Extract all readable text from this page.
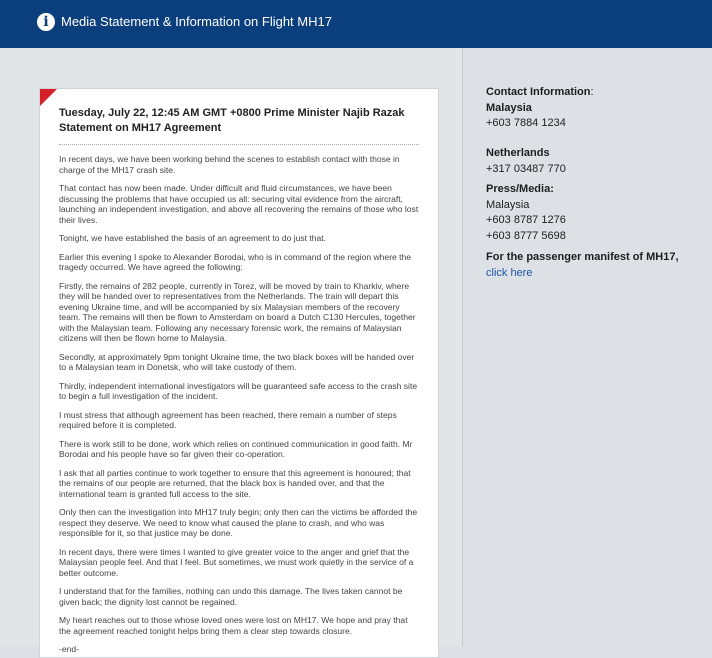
i Media Statement & Information on Flight MH17
Tuesday, July 22, 12:45 AM GMT +0800 Prime Minister Najib Razak Statement on MH17 Agreement

In recent days, we have been working behind the scenes to establish contact with those in charge of the MH17 crash site.

That contact has now been made. Under difficult and fluid circumstances, we have been discussing the problems that have occupied us all: securing vital evidence from the aircraft, launching an independent investigation, and above all recovering the remains of those who lost their lives.

Tonight, we have established the basis of an agreement to do just that.

Earlier this evening I spoke to Alexander Borodai, who is in command of the region where the tragedy occurred. We have agreed the following:

Firstly, the remains of 282 people, currently in Torez, will be moved by train to Kharkiv, where they will be handed over to representatives from the Netherlands. The train will depart this evening Ukraine time, and will be accompanied by six Malaysian members of the recovery team. The remains will then be flown to Amsterdam on board a Dutch C130 Hercules, together with the Malaysian team. Following any necessary forensic work, the remains of Malaysian citizens will then be flown home to Malaysia.

Secondly, at approximately 9pm tonight Ukraine time, the two black boxes will be handed over to a Malaysian team in Donetsk, who will take custody of them.

Thirdly, independent international investigators will be guaranteed safe access to the crash site to begin a full investigation of the incident.

I must stress that although agreement has been reached, there remain a number of steps required before it is completed.

There is work still to be done, work which relies on continued communication in good faith. Mr Borodai and his people have so far given their co-operation.

I ask that all parties continue to work together to ensure that this agreement is honoured; that the remains of our people are returned, that the black box is handed over, and that the international team is granted full access to the site.

Only then can the investigation into MH17 truly begin; only then can the victims be afforded the respect they deserve. We need to know what caused the plane to crash, and who was responsible for it, so that justice may be done.

In recent days, there were times I wanted to give greater voice to the anger and grief that the Malaysian people feel. And that I feel. But sometimes, we must work quietly in the service of a better outcome.

I understand that for the families, nothing can undo this damage. The lives taken cannot be given back; the dignity lost cannot be regained.

My heart reaches out to those whose loved ones were lost on MH17. We hope and pray that the agreement reached tonight helps bring them a clear step towards closure.

-end-

Contact Information:
Malaysia
+603 7884 1234
Netherlands
+317 03487 770
Press/Media:
Malaysia
+603 8787 1276
+603 8777 5698
For the passenger manifest of MH17, click here
